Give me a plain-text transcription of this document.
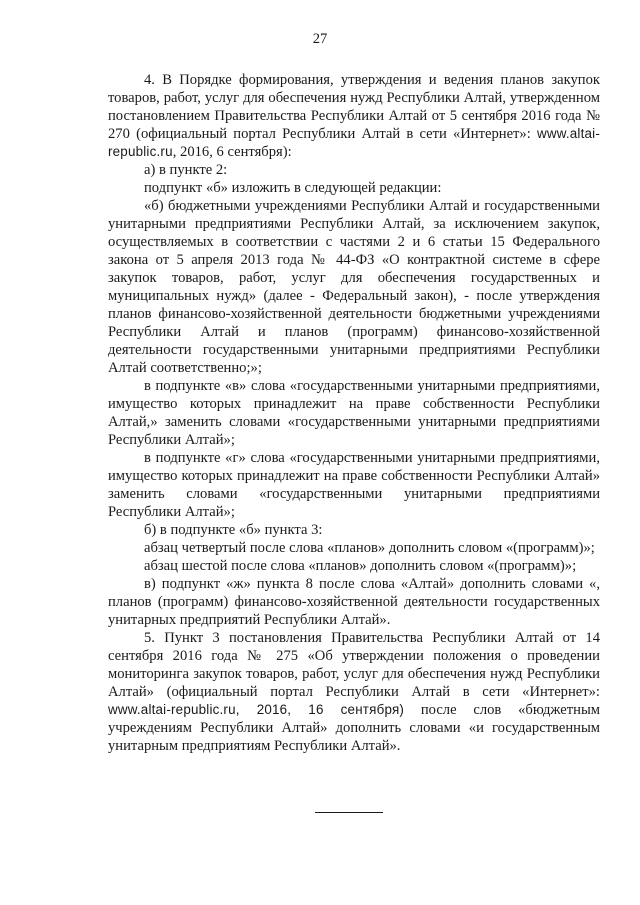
27

4. В Порядке формирования, утверждения и ведения планов закупок товаров, работ, услуг для обеспечения нужд Республики Алтай, утвержденном постановлением Правительства Республики Алтай от 5 сентября 2016 года № 270 (официальный портал Республики Алтай в сети «Интернет»: www.altai-republic.ru, 2016, 6 сентября):

а) в пункте 2:

подпункт «б» изложить в следующей редакции:

«б) бюджетными учреждениями Республики Алтай и государственными унитарными предприятиями Республики Алтай, за исключением закупок, осуществляемых в соответствии с частями 2 и 6 статьи 15 Федерального закона от 5 апреля 2013 года № 44-ФЗ «О контрактной системе в сфере закупок товаров, работ, услуг для обеспечения государственных и муниципальных нужд» (далее - Федеральный закон), - после утверждения планов финансово-хозяйственной деятельности бюджетными учреждениями Республики Алтай и планов (программ) финансово-хозяйственной деятельности государственными унитарными предприятиями Республики Алтай соответственно;»;

в подпункте «в» слова «государственными унитарными предприятиями, имущество которых принадлежит на праве собственности Республики Алтай,» заменить словами «государственными унитарными предприятиями Республики Алтай»;

в подпункте «г» слова «государственными унитарными предприятиями, имущество которых принадлежит на праве собственности Республики Алтай» заменить словами «государственными унитарными предприятиями Республики Алтай»;

б) в подпункте «б» пункта 3:

абзац четвертый после слова «планов» дополнить словом «(программ)»;

абзац шестой после слова «планов» дополнить словом «(программ)»;

в) подпункт «ж» пункта 8 после слова «Алтай» дополнить словами «, планов (программ) финансово-хозяйственной деятельности государственных унитарных предприятий Республики Алтай».

5. Пункт 3 постановления Правительства Республики Алтай от 14 сентября 2016 года № 275 «Об утверждении положения о проведении мониторинга закупок товаров, работ, услуг для обеспечения нужд Республики Алтай» (официальный портал Республики Алтай в сети «Интернет»: www.altai-republic.ru, 2016, 16 сентября) после слов «бюджетным учреждениям Республики Алтай» дополнить словами «и государственным унитарным предприятиям Республики Алтай».
